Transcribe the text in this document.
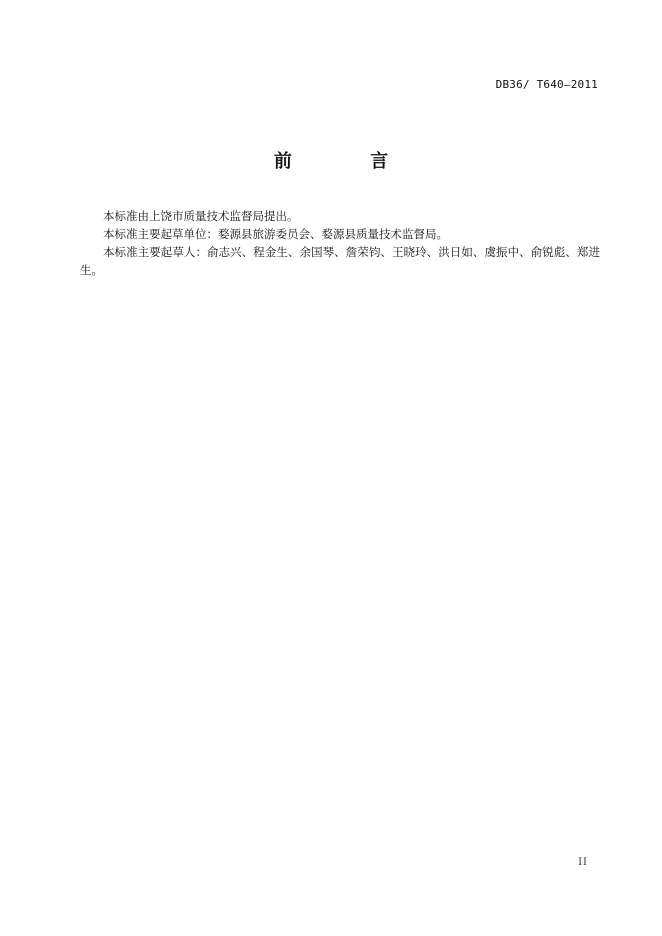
DB36/ T640—2011
前 言

本标准由上饶市质量技术监督局提出。

本标准主要起草单位：婺源县旅游委员会、婺源县质量技术监督局。

本标准主要起草人：俞志兴、程金生、余国琴、詹荣钧、王晓玲、洪日如、虞振中、俞锐彪、郑进生。

II
